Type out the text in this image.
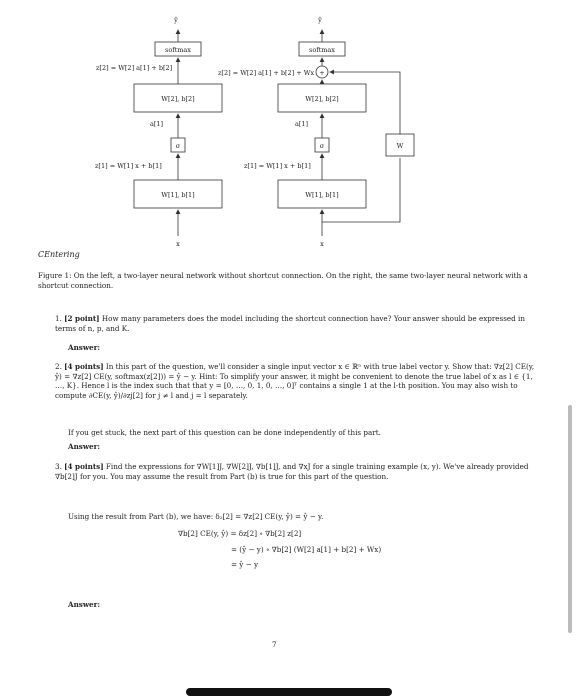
ŷ
softmax
z[2] = W[2] a[1] + b[2]
W[2], b[2]
a[1]
σ
z[1] = W[1] x + b[1]
W[1], b[1]
x
ŷ
softmax
+
z[2] = W[2] a[1] + b[2] + Wx
W[2], b[2]
a[1]
σ
z[1] = W[1] x + b[1]
W[1], b[1]
x
W
CEntering
Figure 1: On the left, a two-layer neural network without shortcut connection. On the right, the same two-layer neural network with a shortcut connection.
1. [2 point] How many parameters does the model including the shortcut connection have? Your answer should be expressed in terms of n, p, and K.
Answer:
2. [4 points] In this part of the question, we'll consider a single input vector x ∈ ℝⁿ with true label vector y. Show that: ∇z[2] CE(y, ŷ) = ∇z[2] CE(y, softmax(z[2])) = ŷ − y. Hint: To simplify your answer, it might be convenient to denote the true label of x as l ∈ {1, …, K}. Hence l is the index such that that y = [0, …, 0, 1, 0, …, 0]ᵀ contains a single 1 at the l-th position. You may also wish to compute ∂CE(y, ŷ)/∂zj[2] for j ≠ l and j = l separately.
If you get stuck, the next part of this question can be done independently of this part.
Answer:
3. [4 points] Find the expressions for ∇W[1]J, ∇W[2]J, ∇b[1]J, and ∇xJ for a single training example (x, y). We've already provided ∇b[2]J for you. You may assume the result from Part (b) is true for this part of the question.
Using the result from Part (b), we have: δ₂[2] = ∇z[2] CE(y, ŷ) = ŷ − y.
∇b[2] CE(y, ŷ) = δz[2] ∘ ∇b[2] z[2]
= (ŷ − y) ∘ ∇b[2] (W[2] a[1] + b[2] + Wx)
= ŷ − y
Answer:
7
